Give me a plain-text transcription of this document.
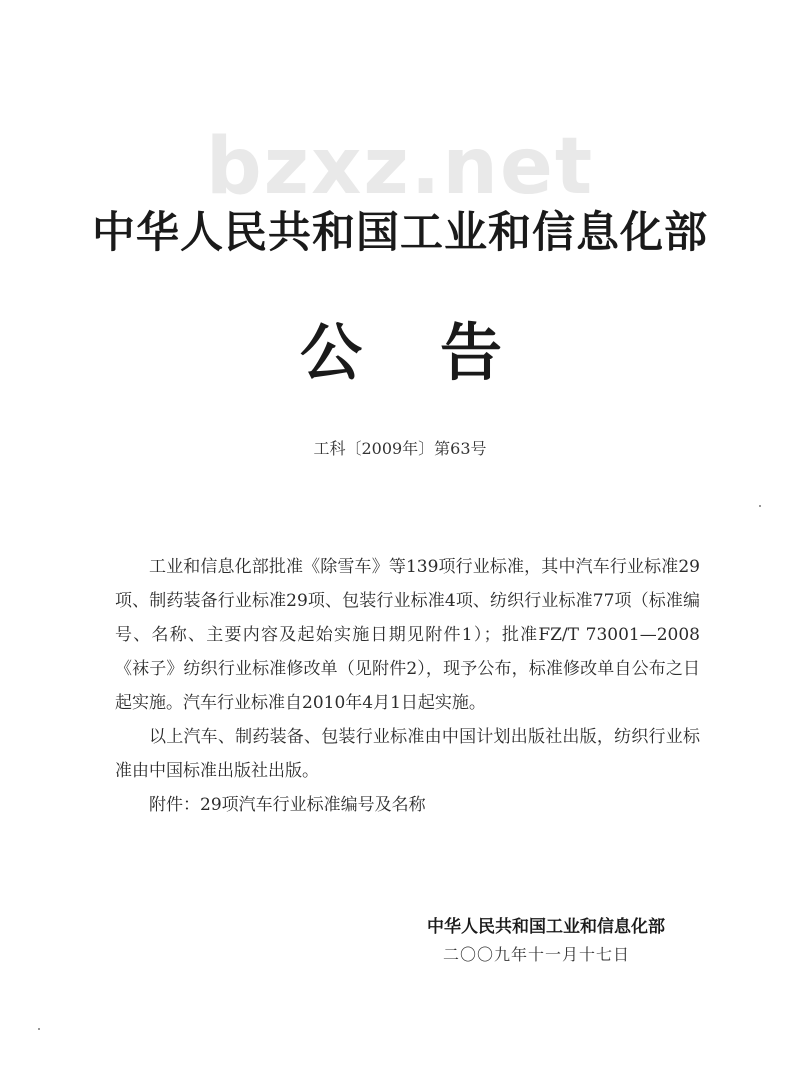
bzxz.net
中华人民共和国工业和信息化部
公 告
工科〔2009年〕第63号

工业和信息化部批准《除雪车》等139项行业标准，其中汽车行业标准29项、制药装备行业标准29项、包装行业标准4项、纺织行业标准77项（标准编号、名称、主要内容及起始实施日期见附件1）；批准FZ/T 73001—2008《袜子》纺织行业标准修改单（见附件2），现予公布，标准修改单自公布之日起实施。汽车行业标准自2010年4月1日起实施。

以上汽车、制药装备、包装行业标准由中国计划出版社出版，纺织行业标准由中国标准出版社出版。

附件：29项汽车行业标准编号及名称

中华人民共和国工业和信息化部
二〇〇九年十一月十七日
